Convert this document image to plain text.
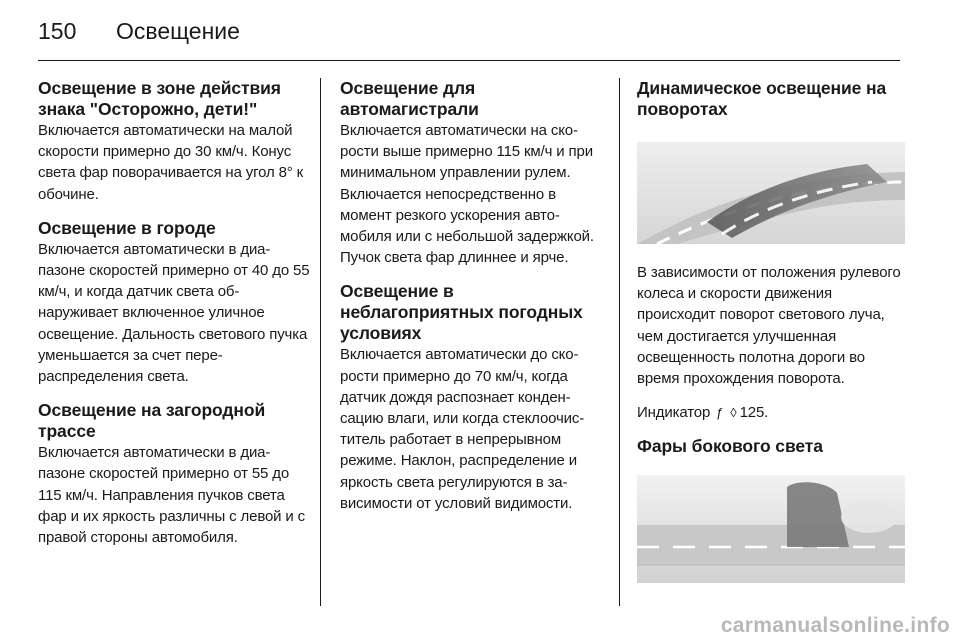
150	Освещение
Освещение в зоне действия знака "Осторожно, дети!"

Включается автоматически на малой скорости примерно до 30 км/ч. Конус света фар поворачивается на угол 8° к обочине.

Освещение в городе

Включается автоматически в диапазоне скоростей примерно от 40 до 55 км/ч, и когда датчик света обнаруживает включенное уличное освещение. Дальность светового пучка уменьшается за счет перераспределения света.

Освещение на загородной трассе

Включается автоматически в диапазоне скоростей примерно от 55 до 115 км/ч. Направления пучков света фар и их яркость различны с левой и с правой стороны автомобиля.

Освещение для автомагистрали

Включается автоматически на скорости выше примерно 115 км/ч и при минимальном управлении рулем. Включается непосредственно в момент резкого ускорения автомобиля или с небольшой задержкой. Пучок света фар длиннее и ярче.

Освещение в неблагоприятных погодных условиях

Включается автоматически до скорости примерно до 70 км/ч, когда датчик дождя распознает конденсацию влаги, или когда стеклоочиститель работает в непрерывном режиме. Наклон, распределение и яркость света регулируются в зависимости от условий видимости.

Динамическое освещение на поворотах

В зависимости от положения рулевого колеса и скорости движения происходит поворот светового луча, чем достигается улучшенная освещенность полотна дороги во время прохождения поворота.

Индикатор ƒ ◊ 125.

Фары бокового света
carmanualsonline.info
